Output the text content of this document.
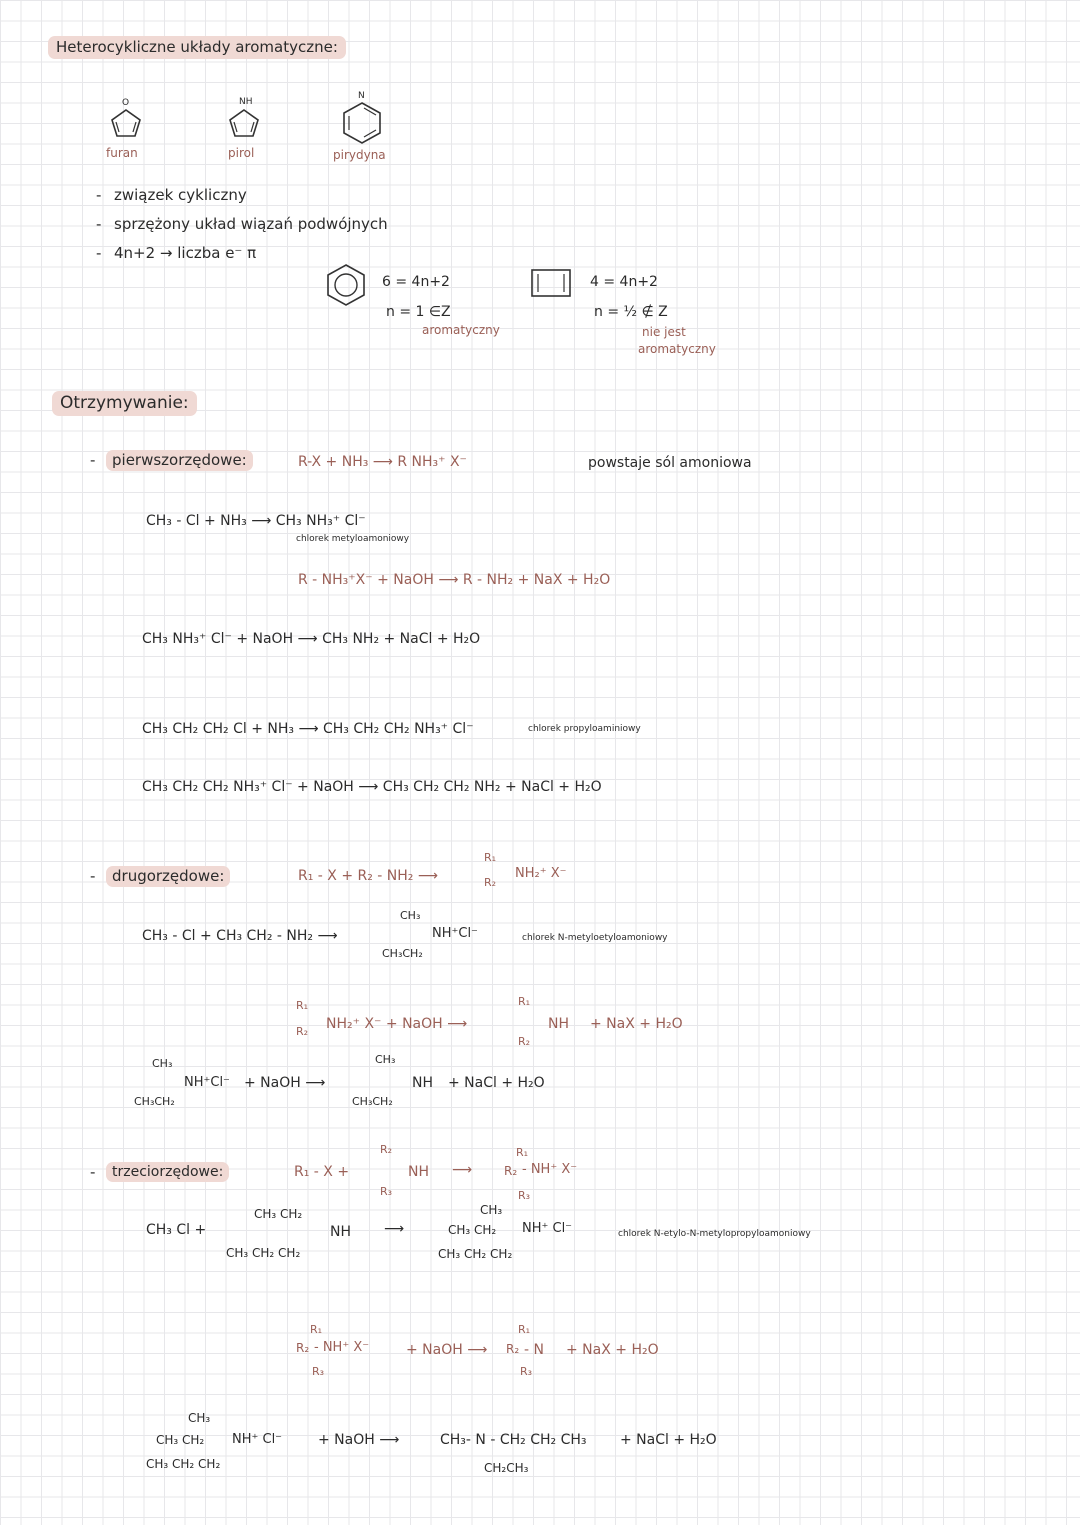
Heterocykliczne układy aromatyczne:
O
furan
NH
pirol
N
pirydyna
- związek cykliczny
- sprzężony układ wiązań podwójnych
- 4n+2 → liczba e⁻ π
6 = 4n+2
n = 1 ∈Z
aromatyczny
4 = 4n+2
n = ½ ∉ Z
nie jest
aromatyczny
Otrzymywanie:
-	pierwszorzędowe:	R-X + NH₃ ⟶ R NH₃⁺ X⁻	powstaje sól amoniowa
CH₃ - Cl + NH₃ ⟶ CH₃ NH₃⁺ Cl⁻
chlorek metyloamoniowy
R - NH₃⁺X⁻ + NaOH ⟶ R - NH₂ + NaX + H₂O
CH₃ NH₃⁺ Cl⁻ + NaOH ⟶ CH₃ NH₂ + NaCl + H₂O
CH₃ CH₂ CH₂ Cl + NH₃ ⟶ CH₃ CH₂ CH₂ NH₃⁺ Cl⁻	chlorek propyloaminiowy
CH₃ CH₂ CH₂ NH₃⁺ Cl⁻ + NaOH ⟶ CH₃ CH₂ CH₂ NH₂ + NaCl + H₂O
-	drugorzędowe:	R₁ - X + R₂ - NH₂ ⟶
R₁
R₂
NH₂⁺ X⁻
CH₃ - Cl + CH₃ CH₂ - NH₂ ⟶
CH₃
CH₃CH₂
NH⁺Cl⁻	chlorek N-metyloetyloamoniowy
R₁
R₂ NH₂⁺ X⁻ + NaOH ⟶
R₁
R₂
NH + NaX + H₂O
CH₃
CH₃CH₂
NH⁺Cl⁻ + NaOH ⟶
CH₃
CH₃CH₂
NH + NaCl + H₂O
-	trzeciorzędowe:	R₁ - X +
R₂
R₃
NH ⟶
R₁
R₂ - NH⁺ X⁻
R₃
CH₃ Cl +
CH₃ CH₂
CH₃ CH₂ CH₂
NH ⟶
CH₃
CH₃ CH₂
CH₃ CH₂ CH₂
NH⁺ Cl⁻	chlorek N-etylo-N-metylopropyloamoniowy
R₁
R₂ - NH⁺ X⁻
R₃
+ NaOH ⟶
R₁
R₂ - N
R₃
+ NaX + H₂O
CH₃
CH₃ CH₂
CH₃ CH₂ CH₂
NH⁺ Cl⁻	+ NaOH ⟶	CH₃- N - CH₂ CH₂ CH₃
CH₂CH₃
+ NaCl + H₂O
